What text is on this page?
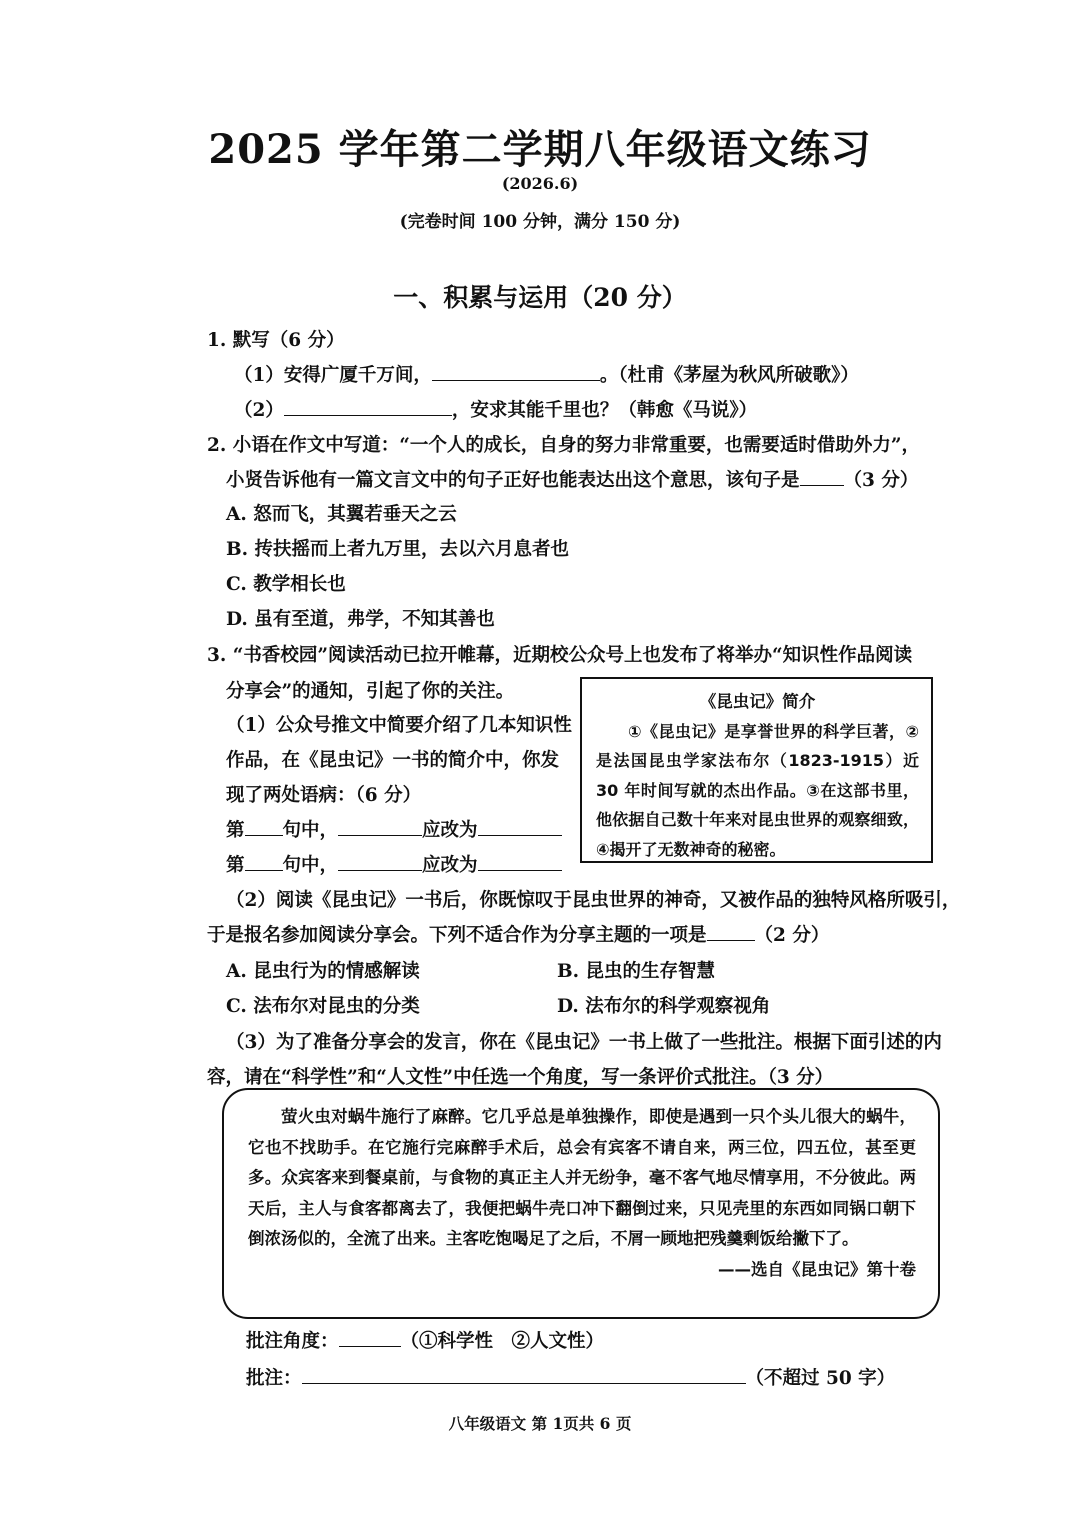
2025 学年第二学期八年级语文练习
(2026.6)
(完卷时间 100 分钟，满分 150 分)
一、积累与运用（20 分）
1. 默写（6 分）
（1）安得广厦千万间，	。（杜甫《茅屋为秋风所破歌》）
（2）	，安求其能千里也？（韩愈《马说》）
2. 小语在作文中写道：“一个人的成长，自身的努力非常重要，也需要适时借助外力”，
小贤告诉他有一篇文言文中的句子正好也能表达出这个意思，该句子是 （3 分）
A. 怒而飞，其翼若垂天之云
B. 抟扶摇而上者九万里，去以六月息者也
C. 教学相长也
D. 虽有至道，弗学，不知其善也
3. “书香校园”阅读活动已拉开帷幕，近期校公众号上也发布了将举办“知识性作品阅读
分享会”的通知，引起了你的关注。
（1）公众号推文中简要介绍了几本知识性
作品，在《昆虫记》一书的简介中，你发
现了两处语病：（6 分）
第 句中，	应改为
第 句中，	应改为
《昆虫记》简介
①《昆虫记》是享誉世界的科学巨著，②是法国昆虫学家法布尔（1823-1915）近 30 年时间写就的杰出作品。③在这部书里，他依据自己数十年来对昆虫世界的观察细致，④揭开了无数神奇的秘密。
（2）阅读《昆虫记》一书后，你既惊叹于昆虫世界的神奇，又被作品的独特风格所吸引，
于是报名参加阅读分享会。下列不适合作为分享主题的一项是	（2 分）
A. 昆虫行为的情感解读	B. 昆虫的生存智慧
C. 法布尔对昆虫的分类	D. 法布尔的科学观察视角
（3）为了准备分享会的发言，你在《昆虫记》一书上做了一些批注。根据下面引述的内
容，请在“科学性”和“人文性”中任选一个角度，写一条评价式批注。（3 分）

萤火虫对蜗牛施行了麻醉。它几乎总是单独操作，即使是遇到一只个头儿很大的蜗牛，它也不找助手。在它施行完麻醉手术后，总会有宾客不请自来，两三位，四五位，甚至更多。众宾客来到餐桌前，与食物的真正主人并无纷争，毫不客气地尽情享用，不分彼此。两天后，主人与食客都离去了，我便把蜗牛壳口冲下翻倒过来，只见壳里的东西如同锅口朝下倒浓汤似的，全流了出来。主客吃饱喝足了之后，不屑一顾地把残羹剩饭给撇下了。

——选自《昆虫记》第十卷

批注角度：	（①科学性　②人文性）
批注：	（不超过 50 字）
八年级语文 第 1页共 6 页
